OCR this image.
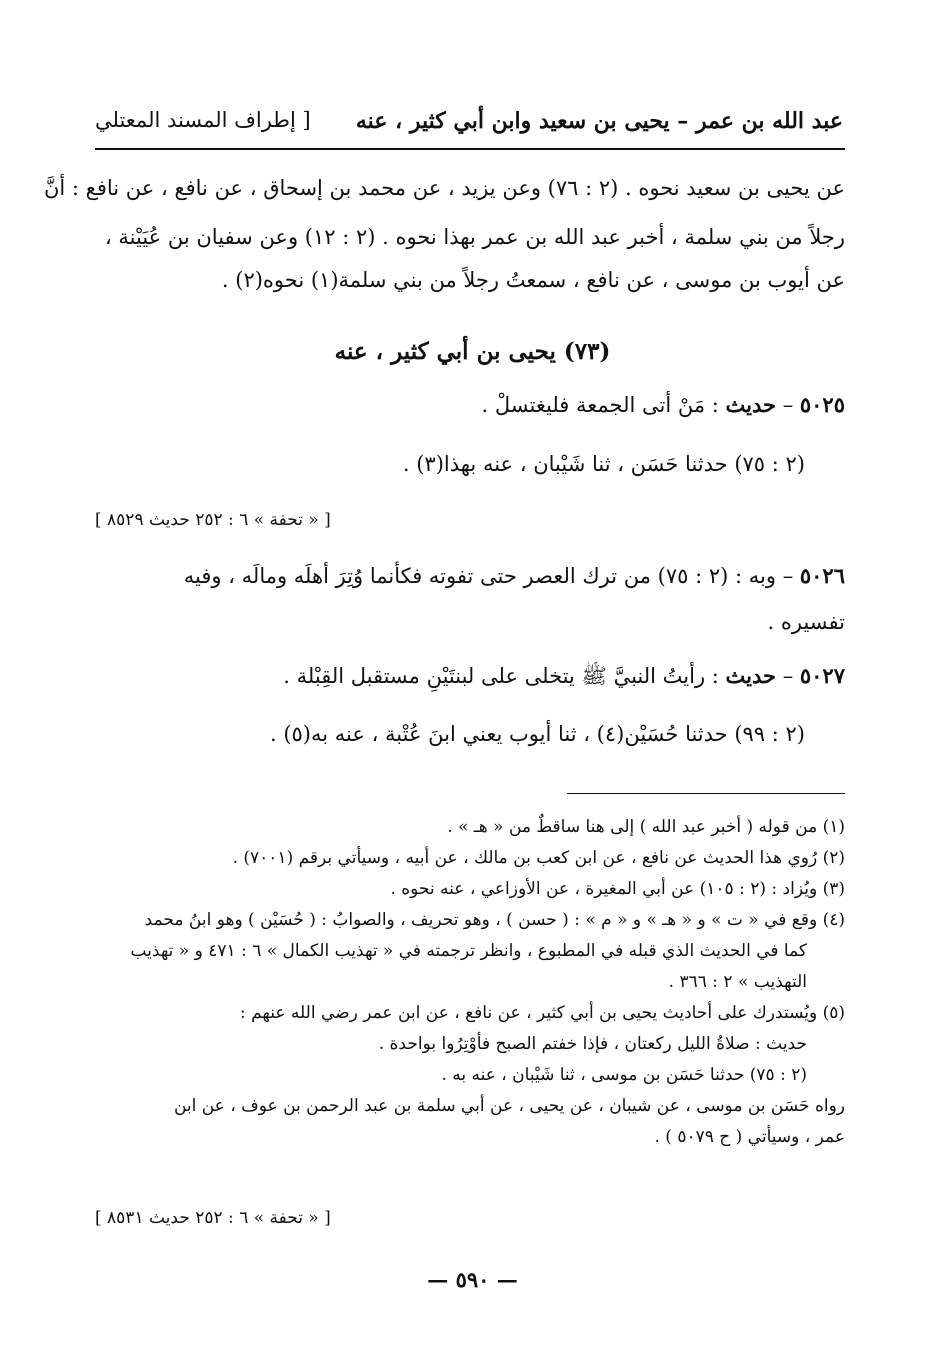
عبد الله بن عمر – يحيى بن سعيد وابن أبي كثير ، عنه
[ إطراف المسند المعتلي
عن يحيى بن سعيد نحوه . (٢ : ٧٦) وعن يزيد ، عن محمد بن إسحاق ، عن نافع ، عن نافع : أنَّ
رجلاً من بني سلمة ، أخبر عبد الله بن عمر بهذا نحوه . (٢ : ١٢) وعن سفيان بن عُيَيْنة ،
عن أيوب بن موسى ، عن نافع ، سمعتُ رجلاً من بني سلمة(١) نحوه(٢) .
(٧٣) يحيى بن أبي كثير ، عنه
٥٠٢٥ – حديث : مَنْ أتى الجمعة فليغتسلْ .
(٢ : ٧٥) حدثنا حَسَن ، ثنا شَيْبان ، عنه بهذا(٣) .
[ « تحفة » ٦ : ٢٥٢ حديث ٨٥٢٩ ]
٥٠٢٦ – وبه : (٢ : ٧٥) من ترك العصر حتى تفوته فكأنما وُتِرَ أهلَه ومالَه ، وفيه
تفسيره .
٥٠٢٧ – حديث : رأيتُ النبيَّ ﷺ يتخلى على لبنتَيْنِ مستقبل القِبْلة .
(٢ : ٩٩) حدثنا حُسَيْن(٤) ، ثنا أيوب يعني ابنَ عُتْبة ، عنه به(٥) .
(١) من قوله ( أخبر عبد الله ) إلى هنا ساقطٌ من « هـ » .
(٢) رُوي هذا الحديث عن نافع ، عن ابن كعب بن مالك ، عن أبيه ، وسيأتي برقم (٧٠٠١) .
(٣) ويُزاد : (٢ : ١٠٥) عن أبي المغيرة ، عن الأوزاعي ، عنه نحوه .
(٤) وقع في « ت » و « هـ » و « م » : ( حسن ) ، وهو تحريف ، والصوابُ : ( حُسَيْن ) وهو ابنُ محمد
كما في الحديث الذي قبله في المطبوع ، وانظر ترجمته في « تهذيب الكمال » ٦ : ٤٧١ و « تهذيب
التهذيب » ٢ : ٣٦٦ .
(٥) ويُستدرك على أحاديث يحيى بن أبي كثير ، عن نافع ، عن ابن عمر رضي الله عنهم :
حديث : صلاةُ الليل ركعتان ، فإذا خفتم الصبح فأوْتِرُوا بواحدة .
(٢ : ٧٥) حدثنا حَسَن بن موسى ، ثنا شَيْبان ، عنه به .
رواه حَسَن بن موسى ، عن شيبان ، عن يحيى ، عن أبي سلمة بن عبد الرحمن بن عوف ، عن ابن
عمر ، وسيأتي ( ح ٥٠٧٩ ) .
[ « تحفة » ٦ : ٢٥٢ حديث ٨٥٣١ ]
— ٥٩٠ —
